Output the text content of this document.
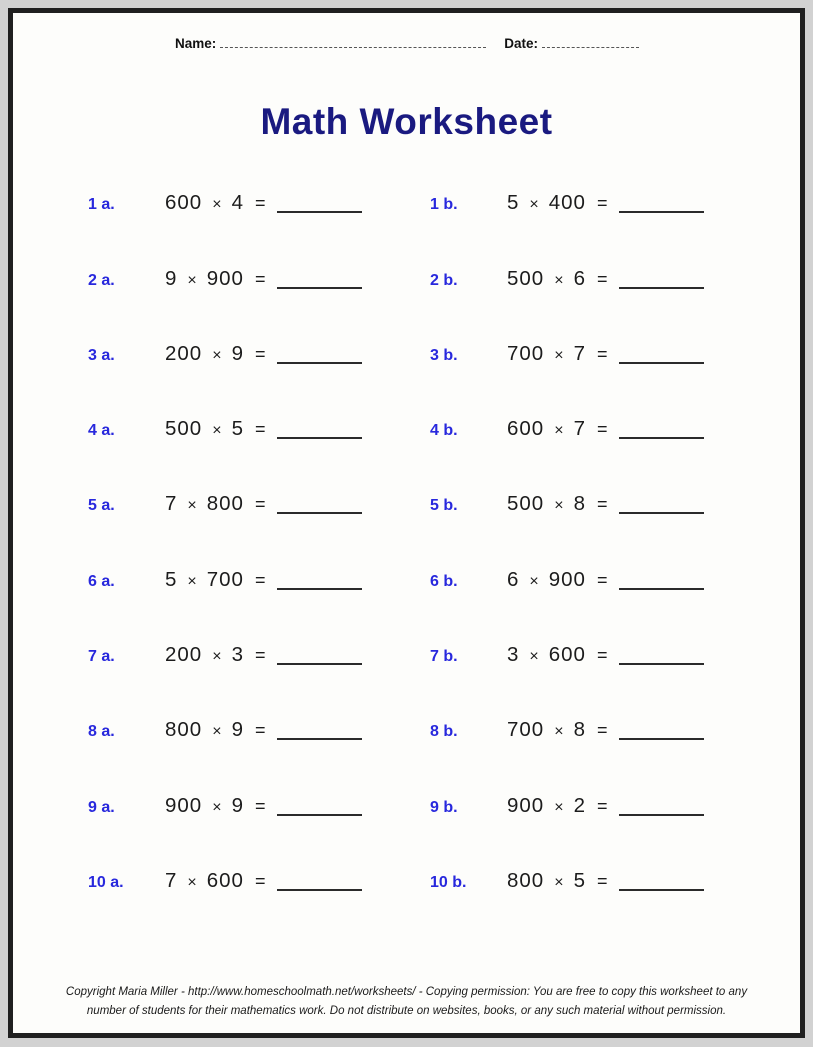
Name:	Date:
Math Worksheet
1 a.	600 × 4 =	1 b.	5 × 400 =
2 a.	9 × 900 =	2 b.	500 × 6 =
3 a.	200 × 9 =	3 b.	700 × 7 =
4 a.	500 × 5 =	4 b.	600 × 7 =
5 a.	7 × 800 =	5 b.	500 × 8 =
6 a.	5 × 700 =	6 b.	6 × 900 =
7 a.	200 × 3 =	7 b.	3 × 600 =
8 a.	800 × 9 =	8 b.	700 × 8 =
9 a.	900 × 9 =	9 b.	900 × 2 =
10 a.	7 × 600 =	10 b.	800 × 5 =
Copyright Maria Miller - http://www.homeschoolmath.net/worksheets/ - Copying permission: You are free to copy this worksheet to any
number of students for their mathematics work. Do not distribute on websites, books, or any such material without permission.
